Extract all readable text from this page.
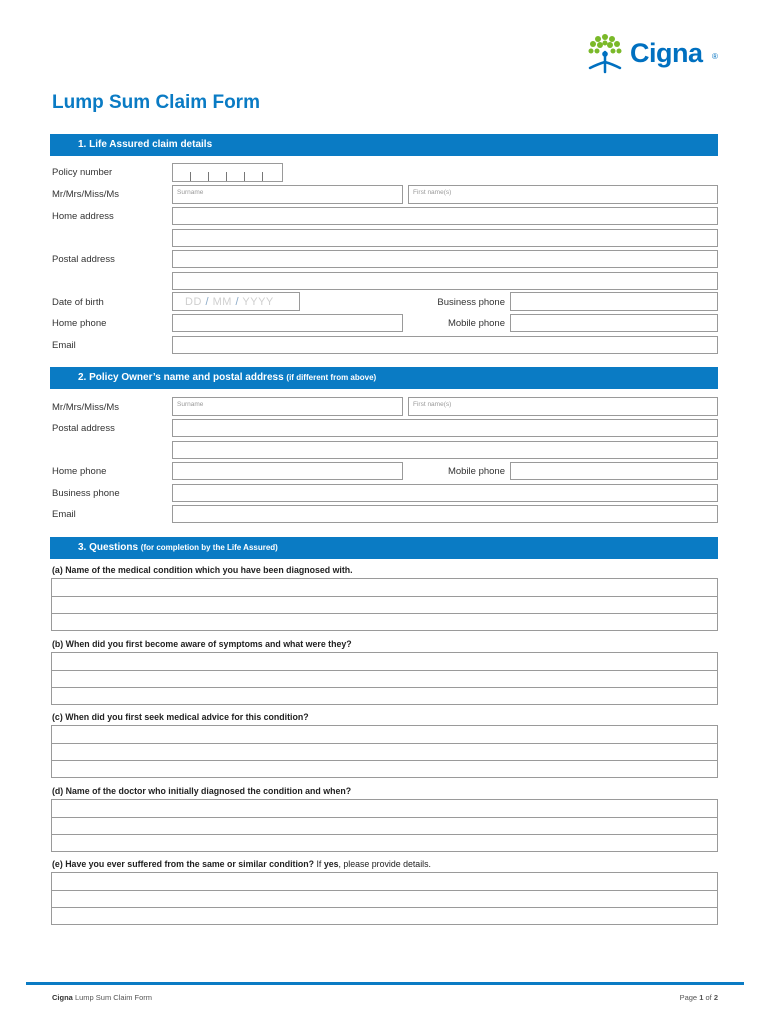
Cigna ®
Lump Sum Claim Form
1. Life Assured claim details
Policy number
Mr/Mrs/Miss/Ms	Surname	First name(s)
Home address
Postal address
Date of birth	DD / MM / YYYY	Business phone
Home phone	Mobile phone
Email
2. Policy Owner’s name and postal address (if different from above)
Mr/Mrs/Miss/Ms	Surname	First name(s)
Postal address
Home phone	Mobile phone
Business phone
Email
3. Questions (for completion by the Life Assured)
(a) Name of the medical condition which you have been diagnosed with.
(b) When did you first become aware of symptoms and what were they?
(c) When did you first seek medical advice for this condition?
(d) Name of the doctor who initially diagnosed the condition and when?
(e) Have you ever suffered from the same or similar condition? If yes, please provide details.
Cigna Lump Sum Claim Form	Page 1 of 2
